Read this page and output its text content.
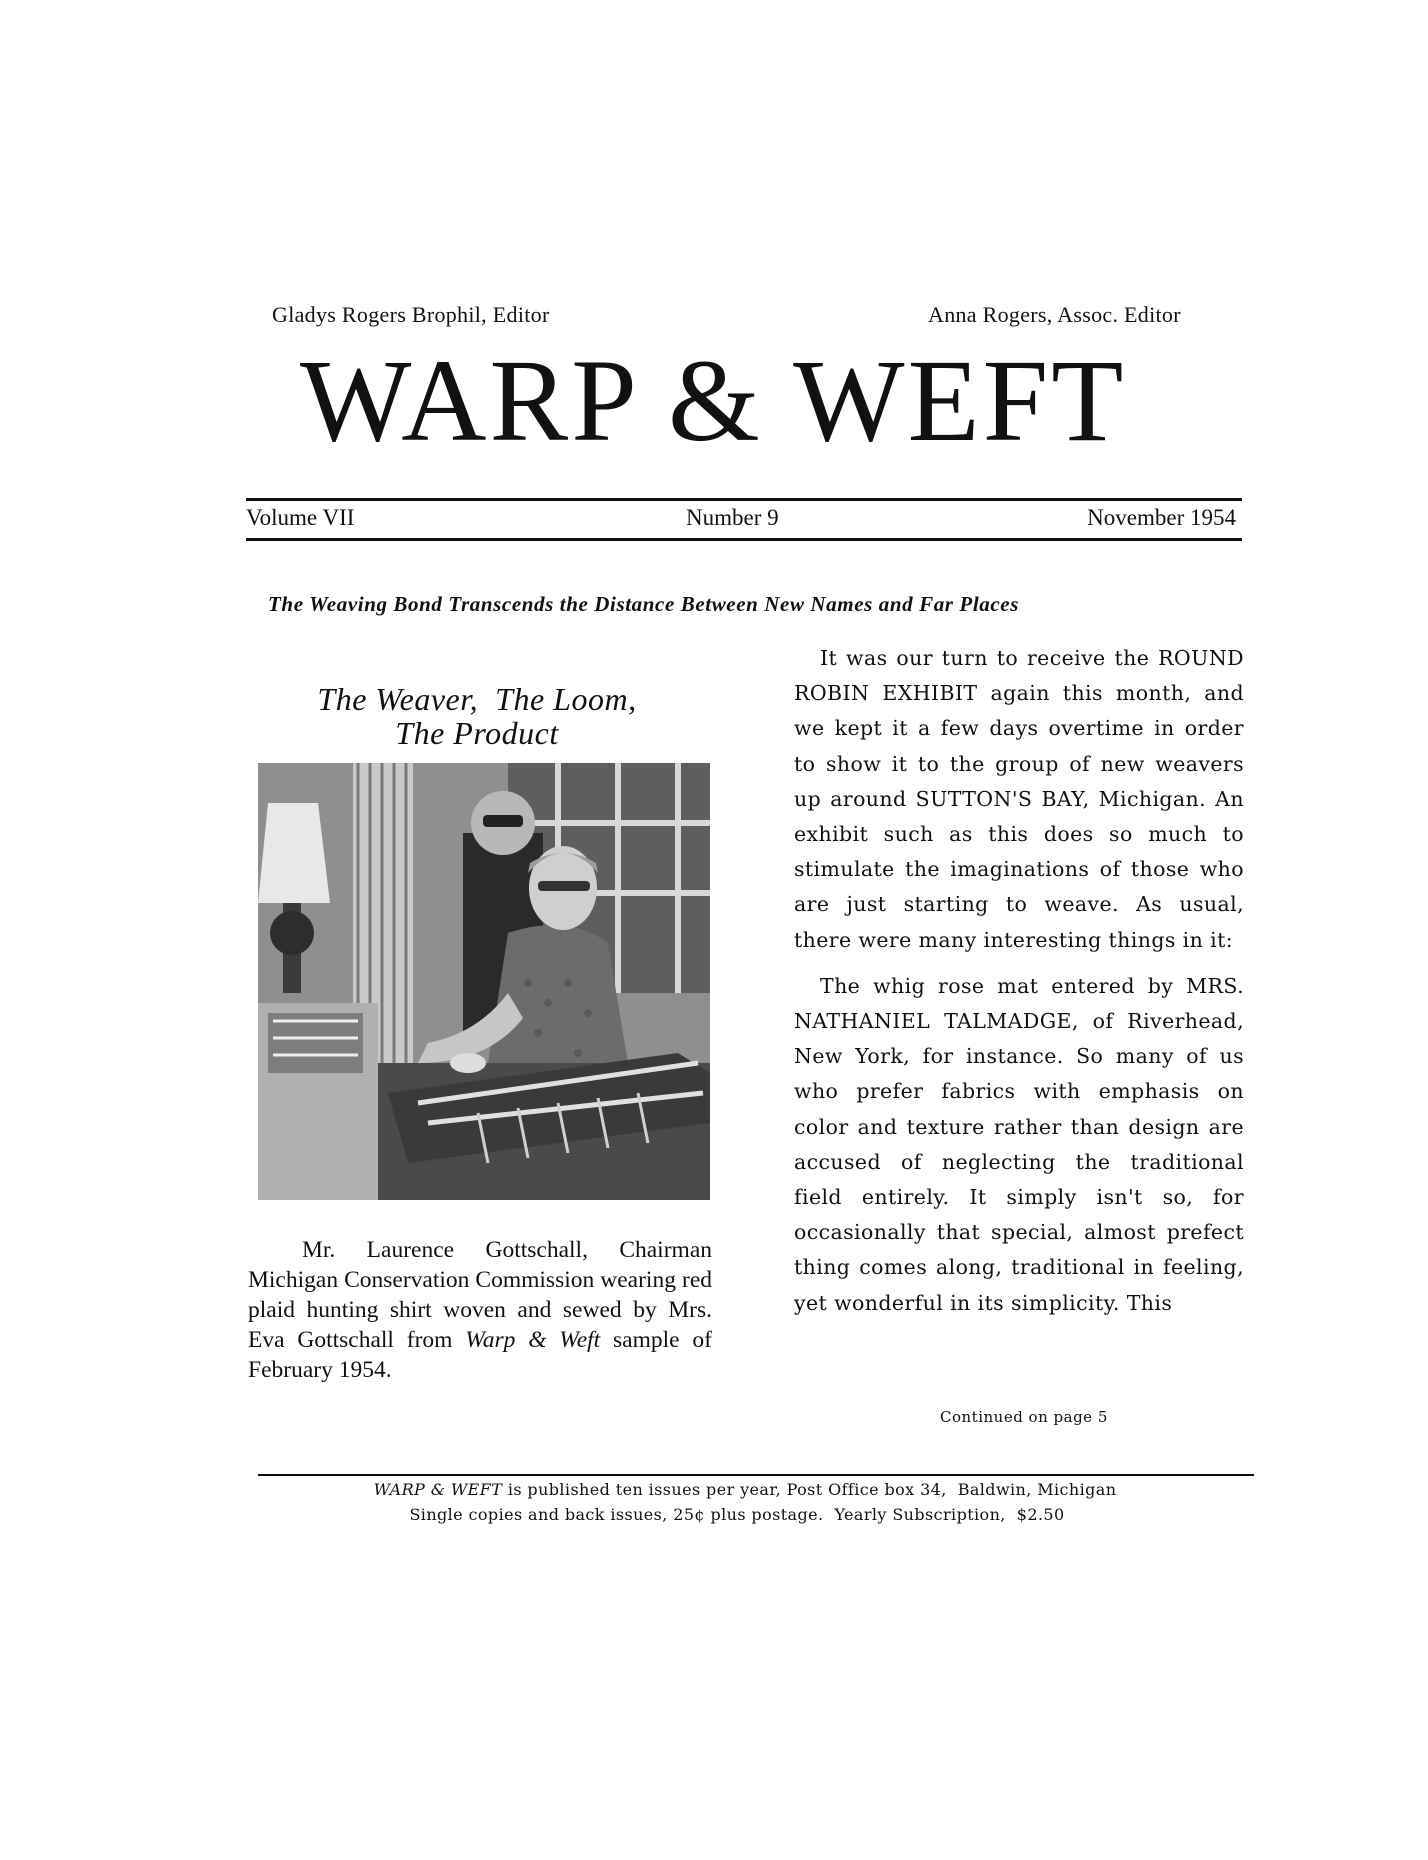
Gladys Rogers Brophil, Editor	Anna Rogers, Assoc. Editor
WARP & WEFT
Volume VII	Number 9	November 1954
The Weaving Bond Transcends the Distance Between New Names and Far Places
The Weaver,  The Loom,
The Product
Mr. Laurence Gottschall, Chairman Michigan Conservation Commission wearing red plaid hunting shirt woven and sewed by Mrs. Eva Gottschall from Warp & Weft sample of February 1954.

It was our turn to receive the ROUND ROBIN EXHIBIT again this month, and we kept it a few days overtime in order to show it to the group of new weavers up around SUTTON'S BAY, Michigan. An exhibit such as this does so much to stimulate the imaginations of those who are just starting to weave. As usual, there were many interesting things in it:

The whig rose mat entered by MRS. NATHANIEL TALMADGE, of Riverhead, New York, for instance. So many of us who prefer fabrics with emphasis on color and texture rather than design are accused of neglecting the traditional field entirely. It simply isn't so, for occasionally that special, almost prefect thing comes along, traditional in feeling, yet wonderful in its simplicity. This

Continued on page 5
WARP & WEFT is published ten issues per year, Post Office box 34,  Baldwin, Michigan
Single copies and back issues, 25¢ plus postage.  Yearly Subscription,  $2.50
